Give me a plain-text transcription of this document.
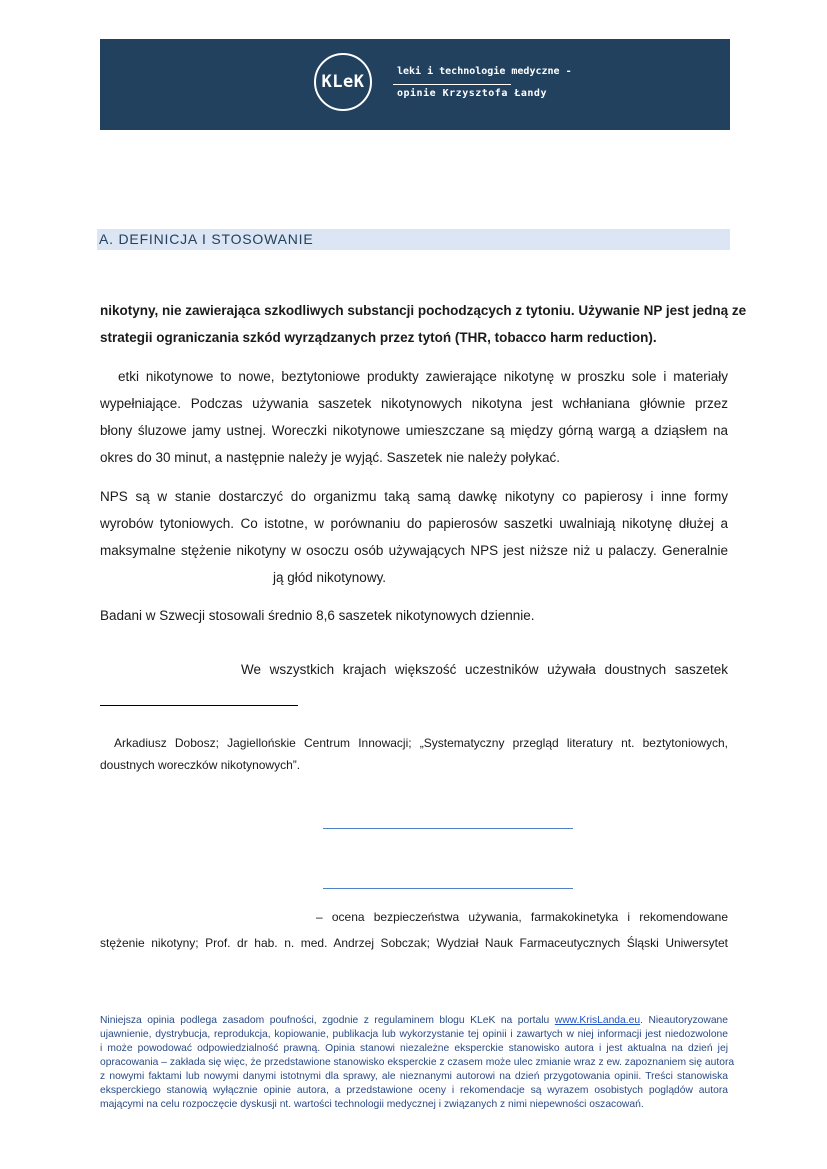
KLeK
leki i technologie medyczne -
opinie Krzysztofa Łandy
A. DEFINICJA I STOSOWANIE
nikotyny, nie zawierająca szkodliwych substancji pochodzących z tytoniu. Używanie NP jest jedną ze
strategii ograniczania szkód wyrządzanych przez tytoń (THR, tobacco harm reduction).
etki nikotynowe to nowe, beztytoniowe produkty zawierające nikotynę w proszku sole i materiały
wypełniające. Podczas używania saszetek nikotynowych nikotyna jest wchłaniana głównie przez
błony śluzowe jamy ustnej. Woreczki nikotynowe umieszczane są między górną wargą a dziąsłem na
okres do 30 minut, a następnie należy je wyjąć. Saszetek nie należy połykać.
NPS są w stanie dostarczyć do organizmu taką samą dawkę nikotyny co papierosy i inne formy
wyrobów tytoniowych. Co istotne, w porównaniu do papierosów saszetki uwalniają nikotynę dłużej a
maksymalne stężenie nikotyny w osoczu osób używających NPS jest niższe niż u palaczy. Generalnie
ją głód nikotynowy.
Badani w Szwecji stosowali średnio 8,6 saszetek nikotynowych dziennie.
We wszystkich krajach większość uczestników używała doustnych saszetek
Arkadiusz Dobosz; Jagiellońskie Centrum Innowacji; „Systematyczny przegląd literatury nt. beztytoniowych,
doustnych woreczków nikotynowych”.
– ocena bezpieczeństwa używania, farmakokinetyka i rekomendowane
stężenie nikotyny; Prof. dr hab. n. med. Andrzej Sobczak; Wydział Nauk Farmaceutycznych Śląski Uniwersytet
Niniejsza opinia podlega zasadom poufności, zgodnie z regulaminem blogu KLeK na portalu www.KrisLanda.eu. Nieautoryzowane
ujawnienie, dystrybucja, reprodukcja, kopiowanie, publikacja lub wykorzystanie tej opinii i zawartych w niej informacji jest niedozwolone
i może powodować odpowiedzialność prawną. Opinia stanowi niezależne eksperckie stanowisko autora i jest aktualna na dzień jej
opracowania – zakłada się więc, że przedstawione stanowisko eksperckie z czasem może ulec zmianie wraz z ew. zapoznaniem się autora
z nowymi faktami lub nowymi danymi istotnymi dla sprawy, ale nieznanymi autorowi na dzień przygotowania opinii. Treści stanowiska
eksperckiego stanowią wyłącznie opinie autora, a przedstawione oceny i rekomendacje są wyrazem osobistych poglądów autora
mającymi na celu rozpoczęcie dyskusji nt. wartości technologii medycznej i związanych z nimi niepewności oszacowań.
